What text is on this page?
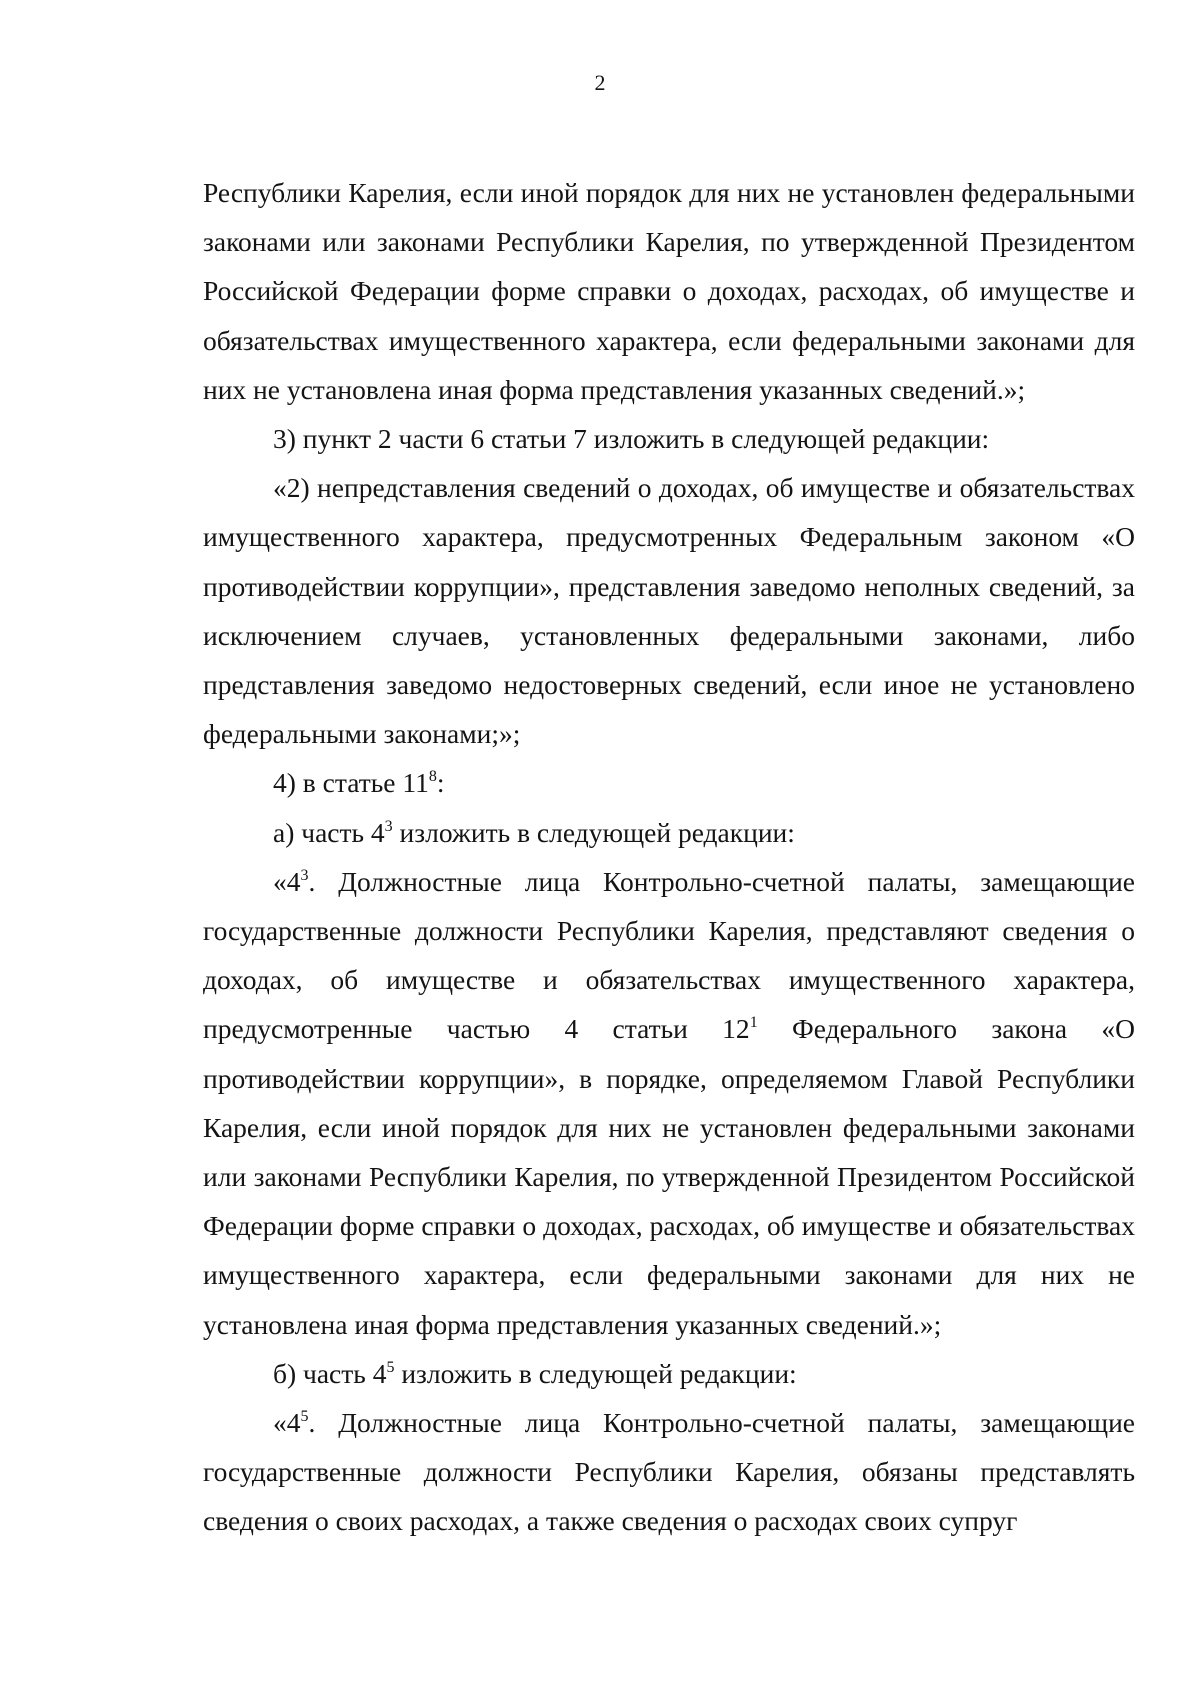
2

Республики Карелия, если иной порядок для них не установлен федеральными законами или законами Республики Карелия, по утвержденной Президентом Российской Федерации форме справки о доходах, расходах, об имуществе и обязательствах имущественного характера, если федеральными законами для них не установлена иная форма представления указанных сведений.»;

3) пункт 2 части 6 статьи 7 изложить в следующей редакции:

«2) непредставления сведений о доходах, об имуществе и обязательствах имущественного характера, предусмотренных Федеральным законом «О противодействии коррупции», представления заведомо неполных сведений, за исключением случаев, установленных федеральными законами, либо представления заведомо недостоверных сведений, если иное не установлено федеральными законами;»;

4) в статье $11^8$:

а) часть $4^3$ изложить в следующей редакции:

«$4^3$. Должностные лица Контрольно-счетной палаты, замещающие государственные должности Республики Карелия, представляют сведения о доходах, об имуществе и обязательствах имущественного характера, предусмотренные частью 4 статьи $12^1$ Федерального закона «О противодействии коррупции», в порядке, определяемом Главой Республики Карелия, если иной порядок для них не установлен федеральными законами или законами Республики Карелия, по утвержденной Президентом Российской Федерации форме справки о доходах, расходах, об имуществе и обязательствах имущественного характера, если федеральными законами для них не установлена иная форма представления указанных сведений.»;

б) часть $4^5$ изложить в следующей редакции:

«$4^5$. Должностные лица Контрольно-счетной палаты, замещающие государственные должности Республики Карелия, обязаны представлять сведения о своих расходах, а также сведения о расходах своих супруг
